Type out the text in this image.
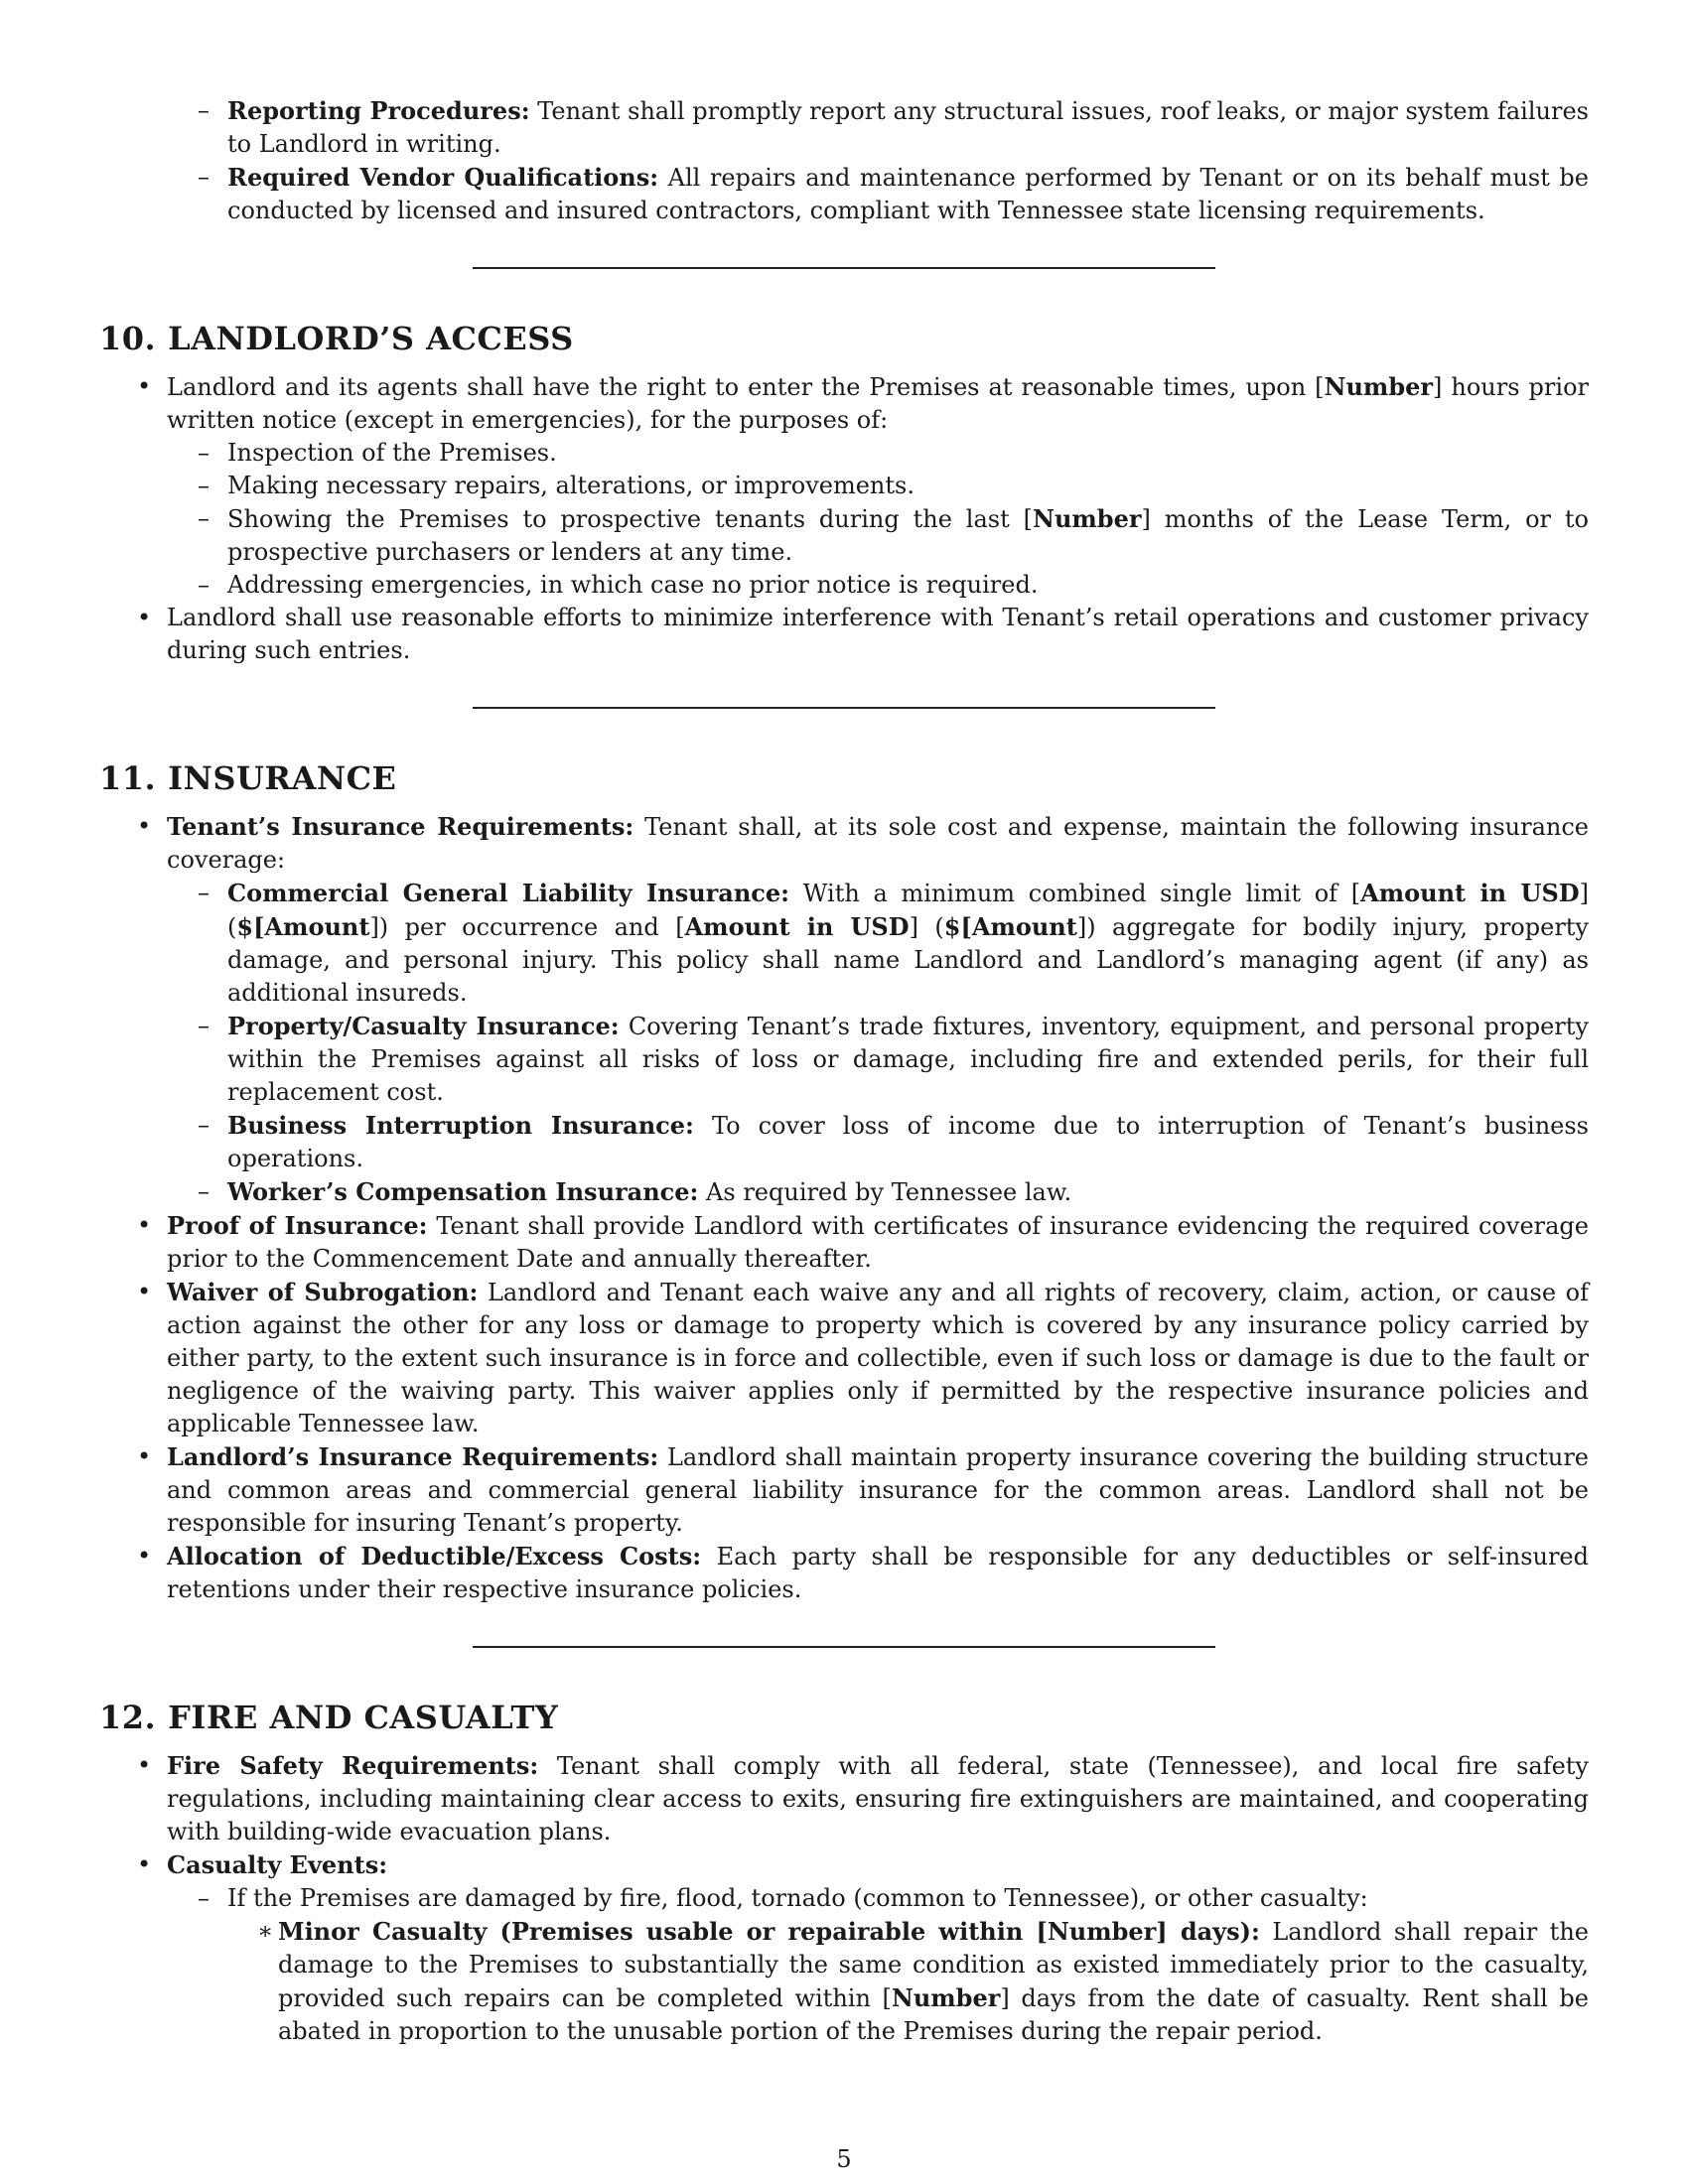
– Reporting Procedures: Tenant shall promptly report any structural issues, roof leaks, or major system failures to Landlord in writing.
– Required Vendor Qualifications: All repairs and maintenance performed by Tenant or on its behalf must be conducted by licensed and insured contractors, compliant with Tennessee state licensing requirements.
10. LANDLORD’S ACCESS
• Landlord and its agents shall have the right to enter the Premises at reasonable times, upon [Number] hours prior written notice (except in emergencies), for the purposes of:
– Inspection of the Premises.
– Making necessary repairs, alterations, or improvements.
– Showing the Premises to prospective tenants during the last [Number] months of the Lease Term, or to prospective purchasers or lenders at any time.
– Addressing emergencies, in which case no prior notice is required.
• Landlord shall use reasonable efforts to minimize interference with Tenant’s retail operations and customer privacy during such entries.
11. INSURANCE
• Tenant’s Insurance Requirements: Tenant shall, at its sole cost and expense, maintain the following insurance coverage:
– Commercial General Liability Insurance: With a minimum combined single limit of [Amount in USD] ($[Amount]) per occurrence and [Amount in USD] ($[Amount]) aggregate for bodily injury, property damage, and personal injury. This policy shall name Landlord and Landlord’s managing agent (if any) as additional insureds.
– Property/Casualty Insurance: Covering Tenant’s trade fixtures, inventory, equipment, and personal property within the Premises against all risks of loss or damage, including fire and extended perils, for their full replacement cost.
– Business Interruption Insurance: To cover loss of income due to interruption of Tenant’s business operations.
– Worker’s Compensation Insurance: As required by Tennessee law.
• Proof of Insurance: Tenant shall provide Landlord with certificates of insurance evidencing the required coverage prior to the Commencement Date and annually thereafter.
• Waiver of Subrogation: Landlord and Tenant each waive any and all rights of recovery, claim, action, or cause of action against the other for any loss or damage to property which is covered by any insurance policy carried by either party, to the extent such insurance is in force and collectible, even if such loss or damage is due to the fault or negligence of the waiving party. This waiver applies only if permitted by the respective insurance policies and applicable Tennessee law.
• Landlord’s Insurance Requirements: Landlord shall maintain property insurance covering the building structure and common areas and commercial general liability insurance for the common areas. Landlord shall not be responsible for insuring Tenant’s property.
• Allocation of Deductible/Excess Costs: Each party shall be responsible for any deductibles or self-insured retentions under their respective insurance policies.
12. FIRE AND CASUALTY
• Fire Safety Requirements: Tenant shall comply with all federal, state (Tennessee), and local fire safety regulations, including maintaining clear access to exits, ensuring fire extinguishers are maintained, and cooperating with building-wide evacuation plans.
• Casualty Events:
– If the Premises are damaged by fire, flood, tornado (common to Tennessee), or other casualty:
∗ Minor Casualty (Premises usable or repairable within [Number] days): Landlord shall repair the damage to the Premises to substantially the same condition as existed immediately prior to the casualty, provided such repairs can be completed within [Number] days from the date of casualty. Rent shall be abated in proportion to the unusable portion of the Premises during the repair period.
5
